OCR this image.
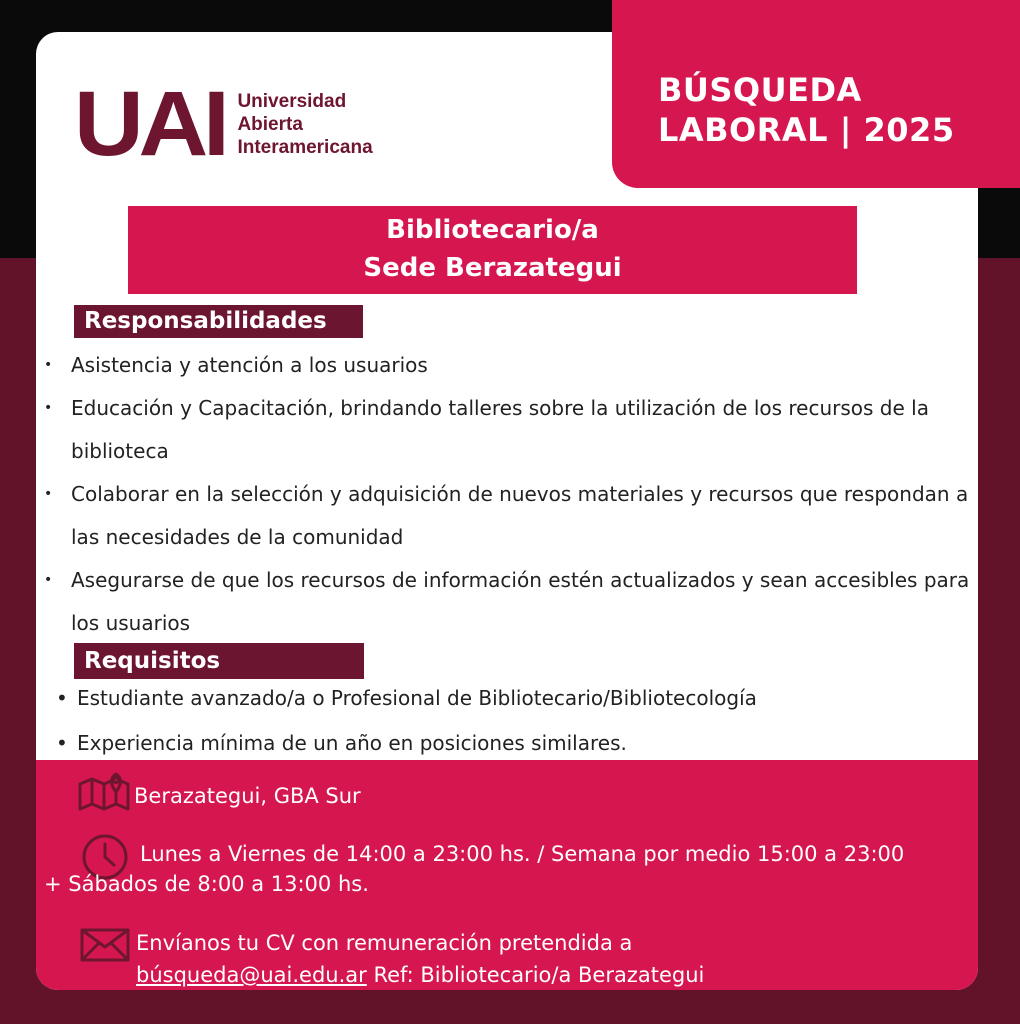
BÚSQUEDA
LABORAL | 2025
UAI Universidad
Abierta
Interamericana
Bibliotecario/a
Sede Berazategui
Responsabilidades
• Asistencia y atención a los usuarios
• Educación y Capacitación, brindando talleres sobre la utilización de los recursos de la biblioteca
• Colaborar en la selección y adquisición de nuevos materiales y recursos que respondan a las necesidades de la comunidad
• Asegurarse de que los recursos de información estén actualizados y sean accesibles para los usuarios
Requisitos
• Estudiante avanzado/a o Profesional de Bibliotecario/Bibliotecología
• Experiencia mínima de un año en posiciones similares.
Berazategui, GBA Sur
Lunes a Viernes de 14:00 a 23:00 hs. / Semana por medio 15:00 a 23:00
+ Sábados de 8:00 a 13:00 hs.
Envíanos tu CV con remuneración pretendida a
búsqueda@uai.edu.ar Ref: Bibliotecario/a Berazategui
